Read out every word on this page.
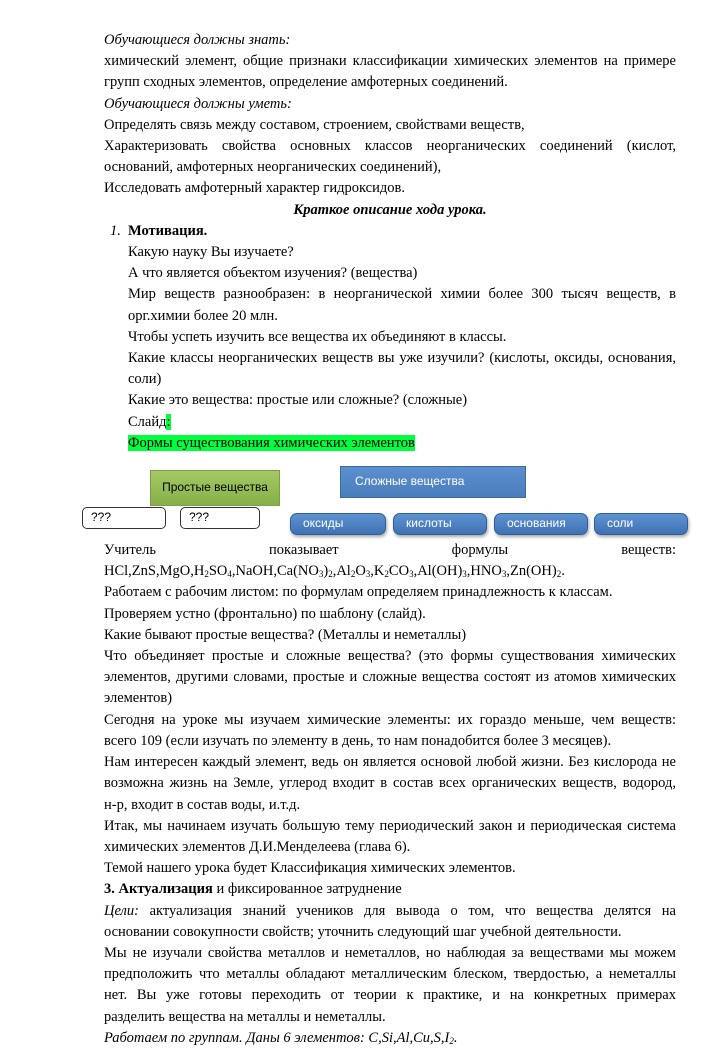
Обучающиеся должны знать:
химический элемент, общие признаки классификации химических элементов на примере
групп сходных элементов, определение амфотерных соединений.
Обучающиеся должны уметь:
Определять связь между составом, строением, свойствами веществ,
Характеризовать свойства основных классов неорганических соединений (кислот,
оснований, амфотерных неорганических соединений),
Исследовать амфотерный характер гидроксидов.
Краткое описание хода урока.
1. Мотивация.
Какую науку Вы изучаете?
А что является объектом изучения? (вещества)
Мир веществ разнообразен: в неорганической химии более 300 тысяч веществ, в
орг.химии более 20 млн.
Чтобы успеть изучить все вещества их объединяют в классы.
Какие классы неорганических веществ вы уже изучили? (кислоты, оксиды, основания,
соли)
Какие это вещества: простые или сложные? (сложные)
Слайд:
Формы существования химических элементов
Простые вещества	Сложные вещества
???	???	оксиды	кислоты	основания	соли
Учитель показывает формулы веществ:
$HCl,ZnS,MgO,H_2SO_4,NaOH,Ca(NO_3)_2,Al_2O_3,K_2CO_3,Al(OH)_3,HNO_3,Zn(OH)_2$.
Работаем с рабочим листом: по формулам определяем принадлежность к классам.
Проверяем устно (фронтально) по шаблону (слайд).
Какие бывают простые вещества? (Металлы и неметаллы)
Что объединяет простые и сложные вещества? (это формы существования химических
элементов, другими словами, простые и сложные вещества состоят из атомов химических
элементов)
Сегодня на уроке мы изучаем химические элементы: их гораздо меньше, чем веществ:
всего 109 (если изучать по элементу в день, то нам понадобится более 3 месяцев).
Нам интересен каждый элемент, ведь он является основой любой жизни. Без кислорода не
возможна жизнь на Земле, углерод входит в состав всех органических веществ, водород,
н-р, входит в состав воды, и.т.д.
Итак, мы начинаем изучать большую тему периодический закон и периодическая система
химических элементов Д.И.Менделеева (глава 6).
Темой нашего урока будет Классификация химических элементов.
3. Актуализация и фиксированное затруднение
Цели: актуализация знаний учеников для вывода о том, что вещества делятся на
основании совокупности свойств; уточнить следующий шаг учебной деятельности.
Мы не изучали свойства металлов и неметаллов, но наблюдая за веществами мы можем
предположить что металлы обладают металлическим блеском, твердостью, а неметаллы
нет. Вы уже готовы переходить от теории к практике, и на конкретных примерах
разделить вещества на металлы и неметаллы.
Работаем по группам. Даны 6 элементов: $C,Si,Al,Cu,S,I_2$.
